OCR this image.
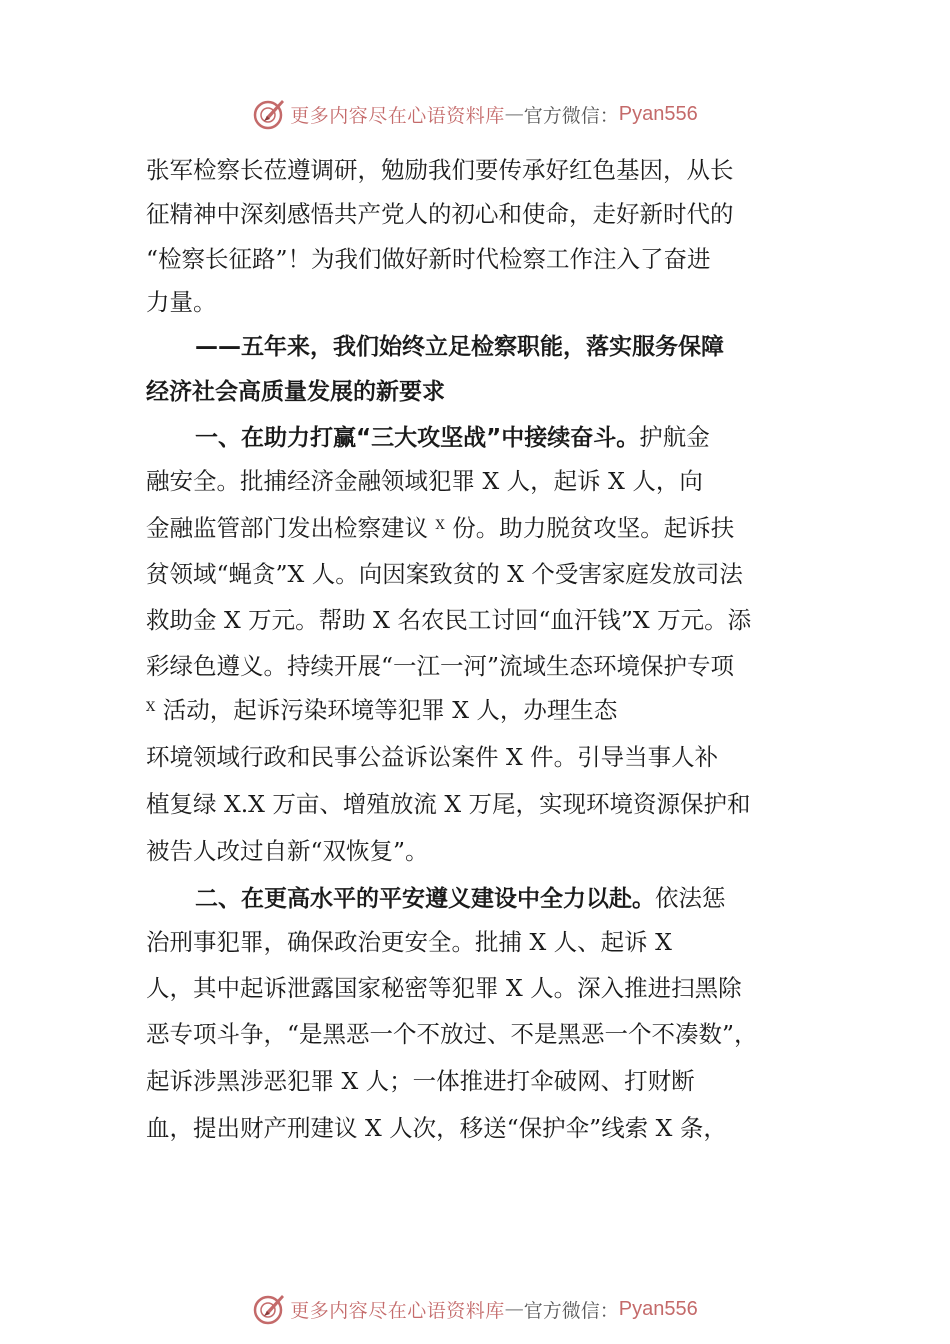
更多内容尽在心语资料库 — 官方微信： Pyan556
张军检察长莅遵调研，勉励我们要传承好红色基因，从长
征精神中深刻感悟共产党人的初心和使命，走好新时代的
“检察长征路”！为我们做好新时代检察工作注入了奋进
力量。
——五年来，我们始终立足检察职能，落实服务保障
经济社会高质量发展的新要求
一、在助力打赢“三大攻坚战”中接续奋斗。护航金
融安全。批捕经济金融领域犯罪 X 人，起诉 X 人，向
金融监管部门发出检察建议 $^X$ 份。助力脱贫攻坚。起诉扶
贫领域“蝇贪”X 人。向因案致贫的 X 个受害家庭发放司法
救助金 X 万元。帮助 X 名农民工讨回“血汗钱”X 万元。添
彩绿色遵义。持续开展“一江一河”流域生态环境保护专项
$^X$ 活动，起诉污染环境等犯罪 X 人，办理生态
环境领域行政和民事公益诉讼案件 X 件。引导当事人补
植复绿 X.X 万亩、增殖放流 X 万尾，实现环境资源保护和
被告人改过自新“双恢复”。
二、在更高水平的平安遵义建设中全力以赴。依法惩
治刑事犯罪，确保政治更安全。批捕 X 人、起诉 X
人，其中起诉泄露国家秘密等犯罪 X 人。深入推进扫黑除
恶专项斗争，“是黑恶一个不放过、不是黑恶一个不凑数”，
起诉涉黑涉恶犯罪 X 人；一体推进打伞破网、打财断
血，提出财产刑建议 X 人次，移送“保护伞”线索 X 条，
更多内容尽在心语资料库 — 官方微信： Pyan556
